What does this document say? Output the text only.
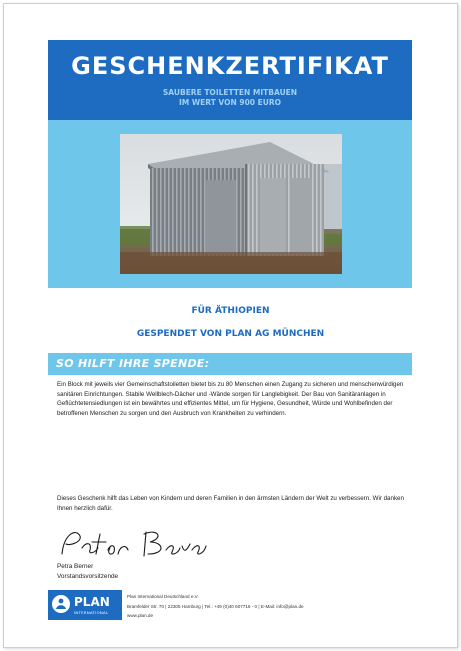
GESCHENKZERTIFIKAT
SAUBERE TOILETTEN MITBAUEN
IM WERT VON 900 EURO
FÜR ÄTHIOPIEN
GESPENDET VON PLAN AG MÜNCHEN
SO HILFT IHRE SPENDE:
Ein Block mit jeweils vier Gemeinschaftstoiletten bietet bis zu 80 Menschen einen Zugang zu sicheren und menschenwürdigen sanitären Einrichtungen. Stabile Wellblech-Dächer und -Wände sorgen für Langlebigkeit. Der Bau von Sanitäranlagen in Geflüchtetensiedlungen ist ein bewährtes und effizientes Mittel, um für Hygiene, Gesundheit, Würde und Wohlbefinden der betroffenen Menschen zu sorgen und den Ausbruch von Krankheiten zu verhindern.
Dieses Geschenk hilft das Leben von Kindern und deren Familien in den ärmsten Ländern der Welt zu verbessern. Wir danken Ihnen herzlich dafür.
Petra Berner
Vorstandsvorsitzende
PLAN
INTERNATIONAL
Plan International Deutschland e.V.
Bramfelder Str. 70 | 22305 Hamburg | Tel.: +49 (0)40 607716 - 0 | E-Mail: info@plan.de
www.plan.de
